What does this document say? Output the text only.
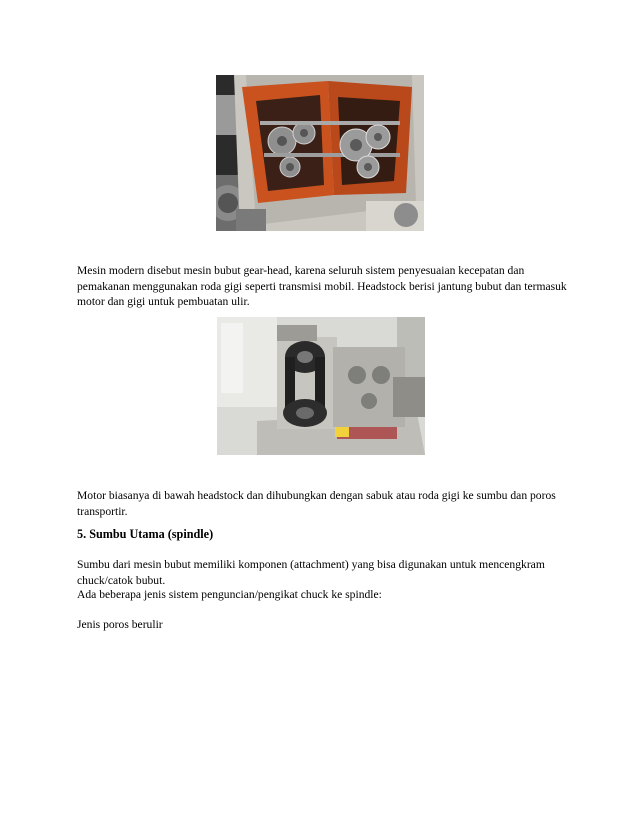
Mesin modern disebut mesin bubut gear-head, karena seluruh sistem penyesuaian kecepatan dan pemakanan menggunakan roda gigi seperti transmisi mobil. Headstock berisi jantung bubut dan termasuk motor dan gigi untuk pembuatan ulir.

Motor biasanya di bawah headstock dan dihubungkan dengan sabuk atau roda gigi ke sumbu dan poros transportir.

5. Sumbu Utama (spindle)

Sumbu dari mesin bubut memiliki komponen (attachment) yang bisa digunakan untuk mencengkram chuck/catok bubut.

Ada beberapa jenis sistem penguncian/pengikat chuck ke spindle:

Jenis poros berulir
